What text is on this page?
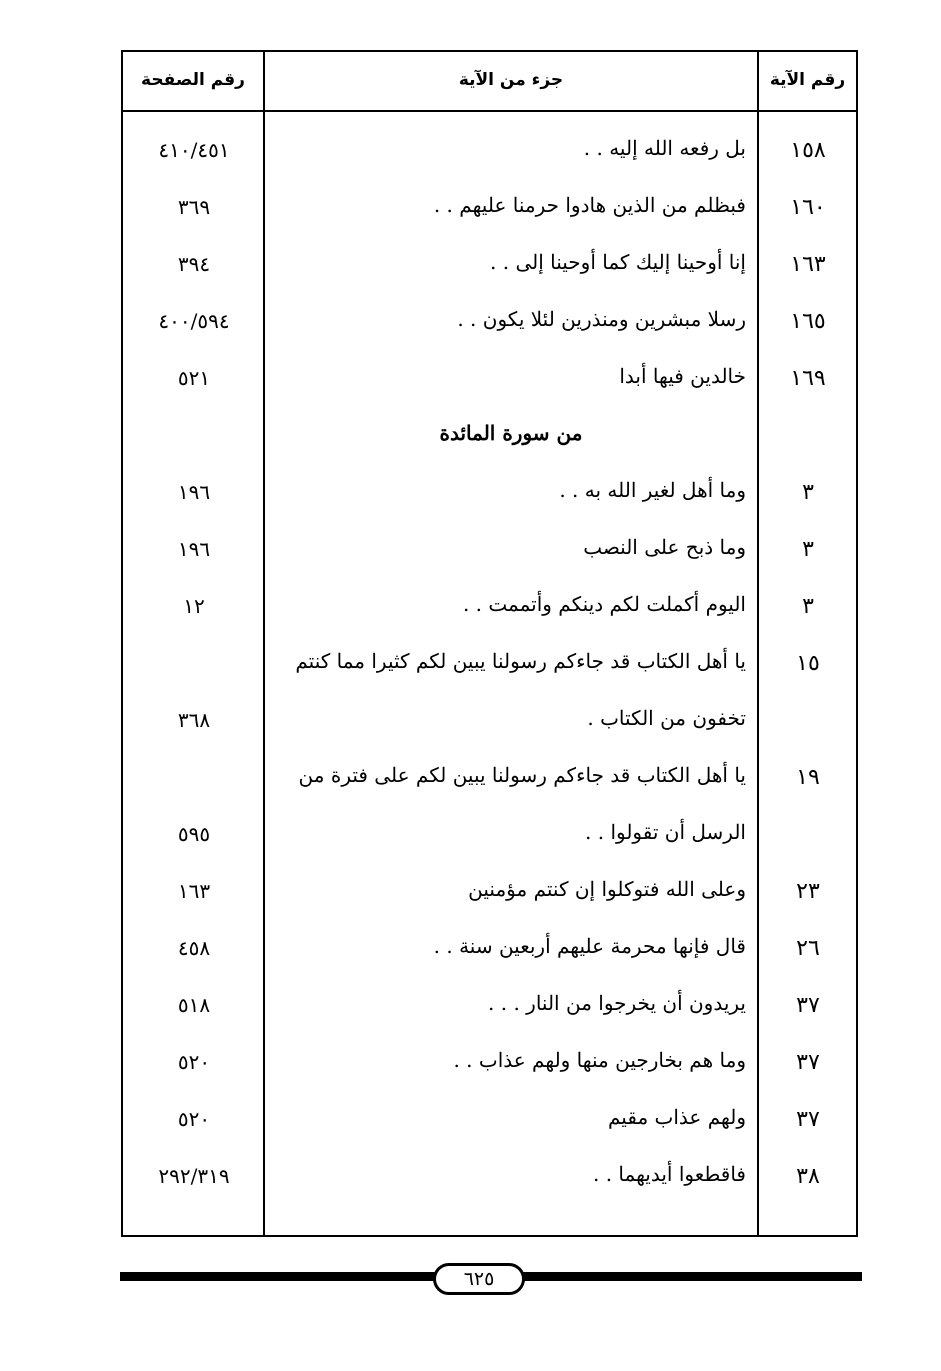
رقم الآية
جزء من الآية
رقم الصفحة
١٥٨
بل رفعه الله إليه . .
٤١٠/٤٥١
١٦٠
فبظلم من الذين هادوا حرمنا عليهم . .
٣٦٩
١٦٣
إنا أوحينا إليك كما أوحينا إلى . .
٣٩٤
١٦٥
رسلا مبشرين ومنذرين لئلا يكون . .
٤٠٠/٥٩٤
١٦٩
خالدين فيها أبدا
٥٢١
من سورة المائدة
٣
وما أهل لغير الله به . .
١٩٦
٣
وما ذبح على النصب
١٩٦
٣
اليوم أكملت لكم دينكم وأتممت . .
١٢
١٥
يا أهل الكتاب قد جاءكم رسولنا يبين لكم كثيرا مما كنتم
تخفون من الكتاب .
٣٦٨
١٩
يا أهل الكتاب قد جاءكم رسولنا يبين لكم على فترة من
الرسل أن تقولوا . .
٥٩٥
٢٣
وعلى الله فتوكلوا إن كنتم مؤمنين
١٦٣
٢٦
قال فإنها محرمة عليهم أربعين سنة . .
٤٥٨
٣٧
يريدون أن يخرجوا من النار . . .
٥١٨
٣٧
وما هم بخارجين منها ولهم عذاب . .
٥٢٠
٣٧
ولهم عذاب مقيم
٥٢٠
٣٨
فاقطعوا أيديهما . .
٢٩٢/٣١٩
٦٢٥
